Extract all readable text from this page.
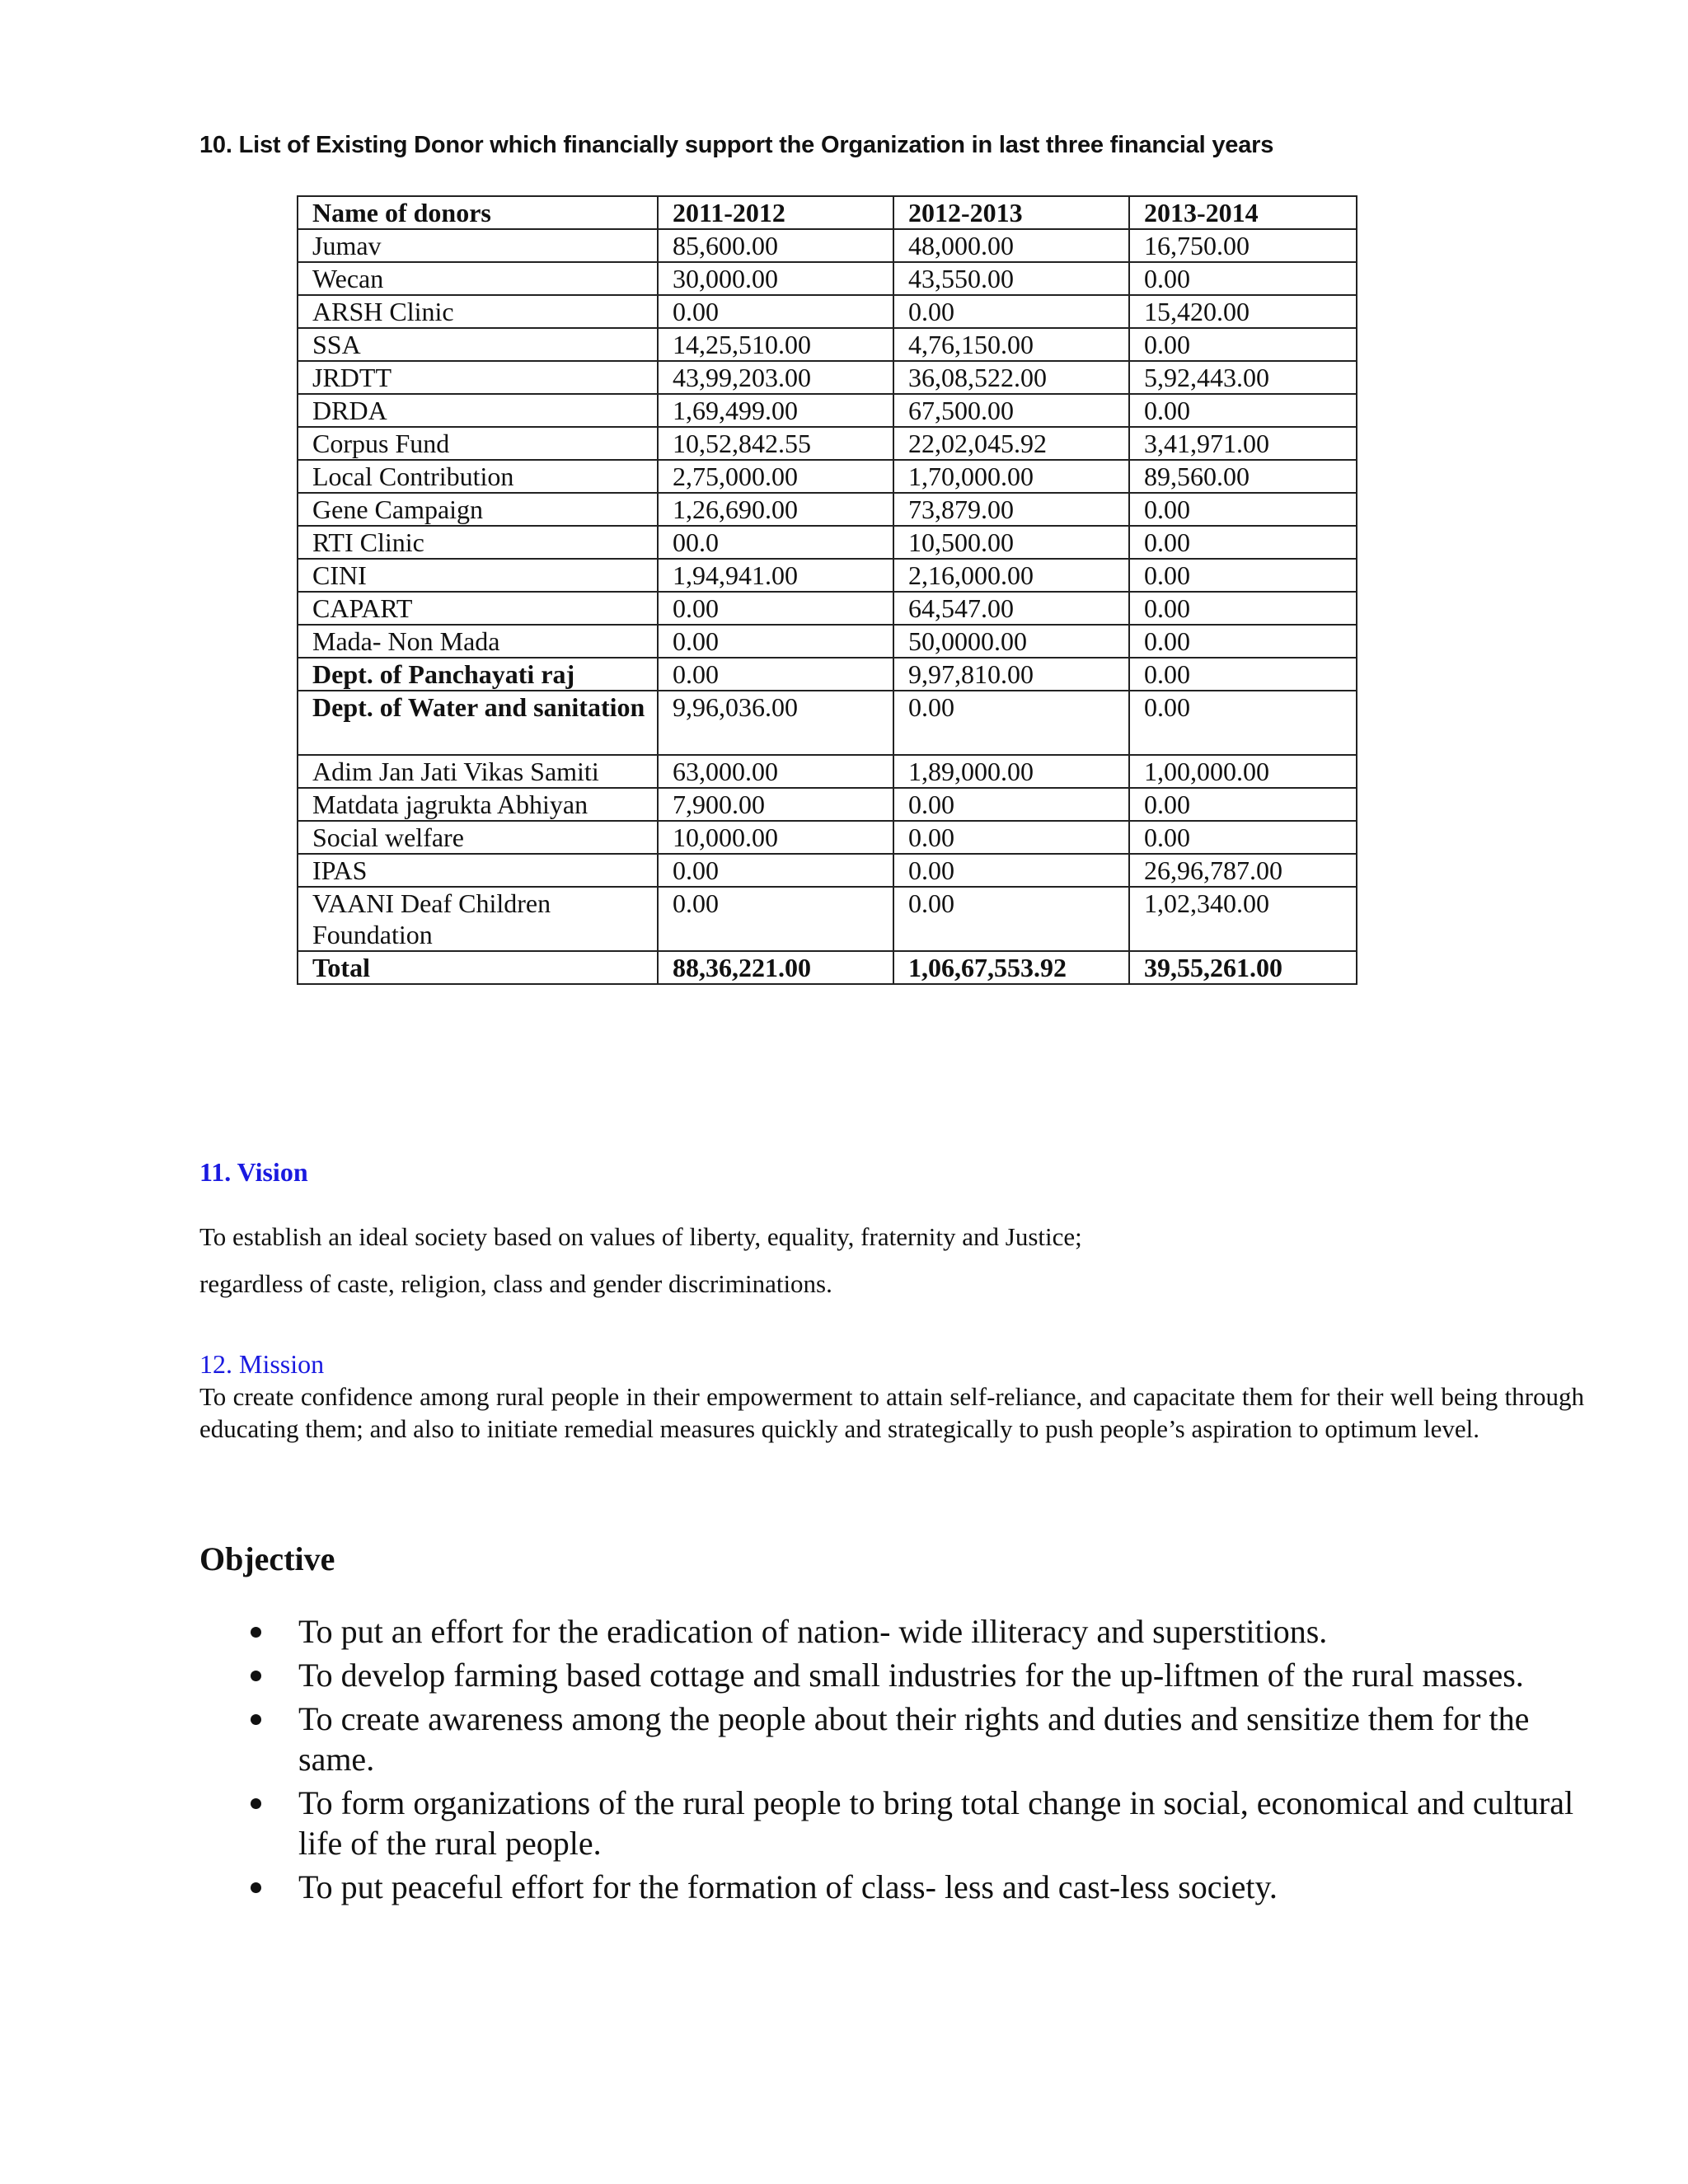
10. List of Existing Donor which financially support the Organization in last three financial years
Name of donors	2011-2012	2012-2013	2013-2014
Jumav	85,600.00	48,000.00	16,750.00
Wecan	30,000.00	43,550.00	0.00
ARSH Clinic	0.00	0.00	15,420.00
SSA	14,25,510.00	4,76,150.00	0.00
JRDTT	43,99,203.00	36,08,522.00	5,92,443.00
DRDA	1,69,499.00	67,500.00	0.00
Corpus Fund	10,52,842.55	22,02,045.92	3,41,971.00
Local Contribution	2,75,000.00	1,70,000.00	89,560.00
Gene Campaign	1,26,690.00	73,879.00	0.00
RTI Clinic	00.0	10,500.00	0.00
CINI	1,94,941.00	2,16,000.00	0.00
CAPART	0.00	64,547.00	0.00
Mada- Non Mada	0.00	50,0000.00	0.00
Dept. of Panchayati raj	0.00	9,97,810.00	0.00
Dept. of Water and sanitation	9,96,036.00	0.00	0.00
Adim Jan Jati Vikas Samiti	63,000.00	1,89,000.00	1,00,000.00
Matdata jagrukta Abhiyan	7,900.00	0.00	0.00
Social welfare	10,000.00	0.00	0.00
IPAS	0.00	0.00	26,96,787.00
VAANI Deaf Children Foundation	0.00	0.00	1,02,340.00
Total	88,36,221.00	1,06,67,553.92	39,55,261.00
11. Vision
To establish an ideal society based on values of liberty, equality, fraternity and Justice;
regardless of caste, religion, class and gender discriminations.
12. Mission
To create confidence among rural people in their empowerment to attain self-reliance, and capacitate them for their well being through educating them; and also to initiate remedial measures quickly and strategically to push people’s aspiration to optimum level.
Objective
To put an effort for the eradication of nation- wide illiteracy and superstitions.
To develop farming based cottage and small industries for the up-liftmen of the rural masses.
To create awareness among the people about their rights and duties and sensitize them for the same.
To form organizations of the rural people to bring total change in social, economical and cultural life of the rural people.
To put peaceful effort for the formation of class- less and cast-less society.
